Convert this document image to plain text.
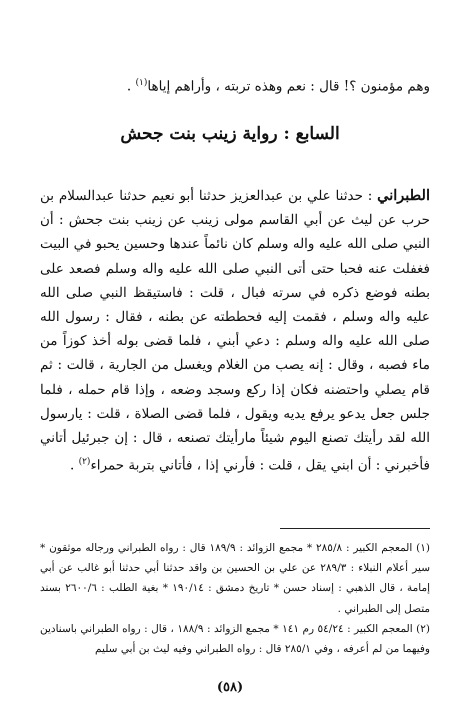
وهم مؤمنون ؟! قال : نعم وهذه تربته ، وأراهم إياها$^{(١)}$ .
السابع : رواية زينب بنت جحش
الطبراني : حدثنا علي بن عبدالعزيز حدثنا أبو نعيم حدثنا عبدالسلام بن حرب عن ليث عن أبي القاسم مولى زينب عن زينب بنت جحش : أن النبي صلى الله عليه واله وسلم كان نائماً عندها وحسين يحبو في البيت فغفلت عنه فحبا حتى أتى النبي صلى الله عليه واله وسلم فصعد على بطنه فوضع ذكره في سرته فبال ، قلت : فاستيقظ النبي صلى الله عليه واله وسلم ، فقمت إليه فحططته عن بطنه ، فقال : رسول الله صلى الله عليه واله وسلم : دعي أبني ، فلما قضى بوله أخذ كوزاً من ماء فصبه ، وقال : إنه يصب من الغلام ويغسل من الجارية ، قالت : ثم قام يصلي واحتضنه فكان إذا ركع وسجد وضعه ، وإذا قام حمله ، فلما جلس جعل يدعو يرفع يديه ويقول ، فلما قضى الصلاة ، قلت : يارسول الله لقد رأيتك تصنع اليوم شيئاً مارأيتك تصنعه ، قال : إن جبرئيل أتاني فأخبرني : أن ابني يقل ، قلت : فأرني إذا ، فأتاني بتربة حمراء$^{(٢)}$ .

(١) المعجم الكبير : ٢٨٥/٨ * مجمع الزوائد : ١٨٩/٩ قال : رواه الطبراني ورجاله موثقون * سير أعلام النبلاء : ٢٨٩/٣ عن علي بن الحسين بن واقد حدثنا أبي حدثنا أبو غالب عن أبي إمامة ، قال الذهبي : إسناد حسن * تاريخ دمشق : ١٩٠/١٤ * بغية الطلب : ٢٦٠٠/٦ بسند متصل إلى الطبراني .

(٢) المعجم الكبير : ٥٤/٢٤ رم ١٤١ * مجمع الزوائد : ١٨٨/٩ ، قال : رواه الطبراني باسنادين وفيهما من لم أعرفه ، وفي ٢٨٥/١ قال : رواه الطبراني وفيه ليث بن أبي سليم

(٥٨)
